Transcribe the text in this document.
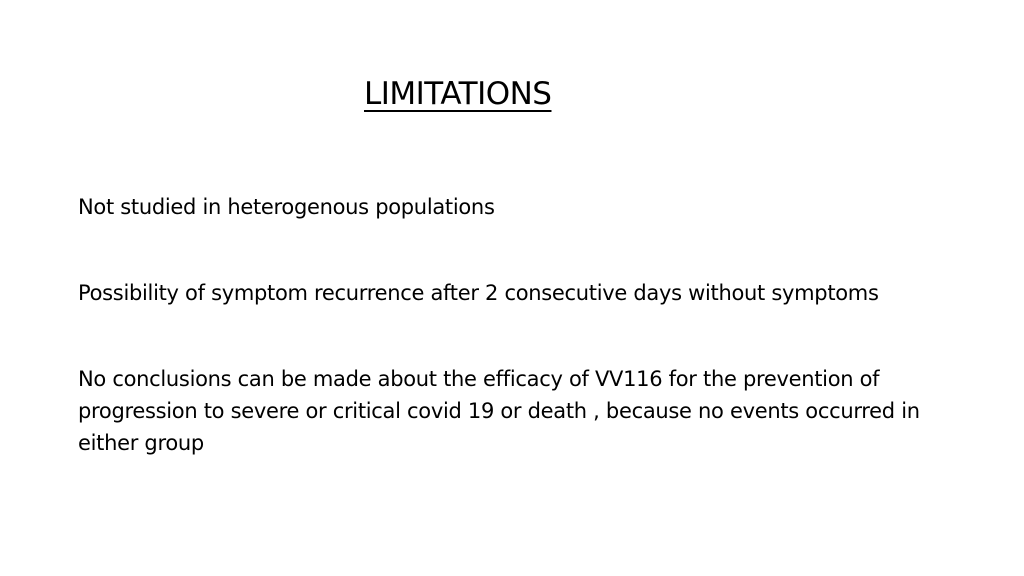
LIMITATIONS
Not studied in heterogenous populations
Possibility of symptom recurrence after 2 consecutive days without symptoms
No conclusions can be made about the efficacy of VV116 for the prevention of progression to severe or critical covid 19 or death , because no events occurred in either group
